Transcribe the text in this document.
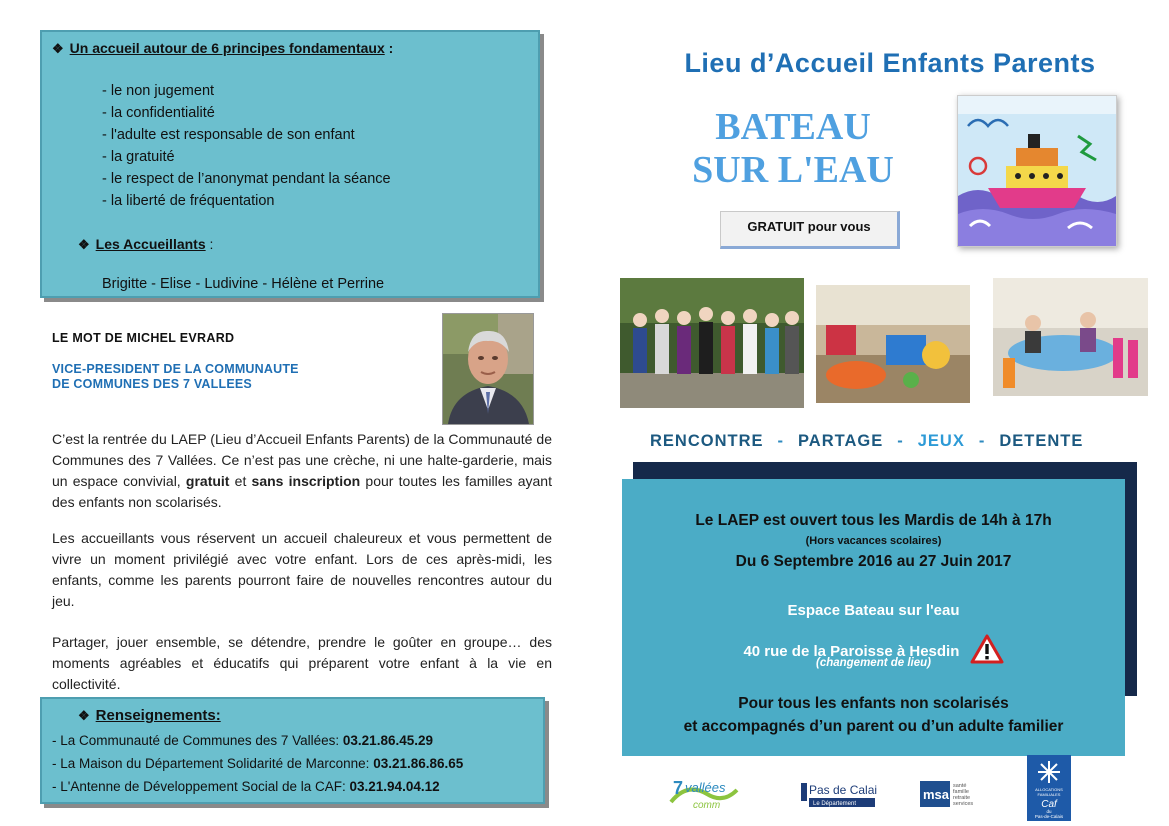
❖ Un accueil autour de 6 principes fondamentaux :
- le non jugement
- la confidentialité
- l'adulte est responsable de son enfant
- la gratuité
- le respect de l’anonymat pendant la séance
- la liberté de fréquentation
❖ Les Accueillants :
Brigitte - Elise - Ludivine - Hélène et Perrine
LE MOT DE MICHEL EVRARD
VICE-PRESIDENT DE LA COMMUNAUTE
DE COMMUNES DES 7 VALLEES
C’est la rentrée du LAEP (Lieu d’Accueil Enfants Parents) de la Communauté de Communes des 7 Vallées. Ce n’est pas une crèche, ni une halte-garderie, mais un espace convivial, gratuit et sans inscription pour toutes les familles ayant des enfants non scolarisés.
Les accueillants vous réservent un accueil chaleureux et vous permettent de vivre un moment privilégié avec votre enfant. Lors de ces après-midi, les enfants, comme les parents pourront faire de nouvelles rencontres autour du jeu.
Partager, jouer ensemble, se détendre, prendre le goûter en groupe… des moments agréables et éducatifs qui préparent votre enfant à la vie en collectivité.
❖ Renseignements:
- La Communauté de Communes des 7 Vallées: 03.21.86.45.29
- La Maison du Département Solidarité de Marconne: 03.21.86.86.65
- L'Antenne de Développement Social de la CAF: 03.21.94.04.12
Lieu d’Accueil Enfants Parents
BATEAU
SUR L'EAU
GRATUIT pour vous
RENCONTRE - PARTAGE - JEUX - DETENTE
Le LAEP est ouvert tous les Mardis de 14h à 17h
(Hors vacances scolaires)
Du 6 Septembre 2016 au 27 Juin 2017
Espace Bateau sur l'eau
40 rue de la Paroisse à Hesdin
(changement de lieu)
Pour tous les enfants non scolarisés
et accompagnés d’un parent ou d’un adulte familier
7 vallées
comm
Pas de Calais
Le Département
msa
santé
famille
retraite
services
ALLOCATIONS
FAMILIALES
Caf
du
Pas-de-Calais
